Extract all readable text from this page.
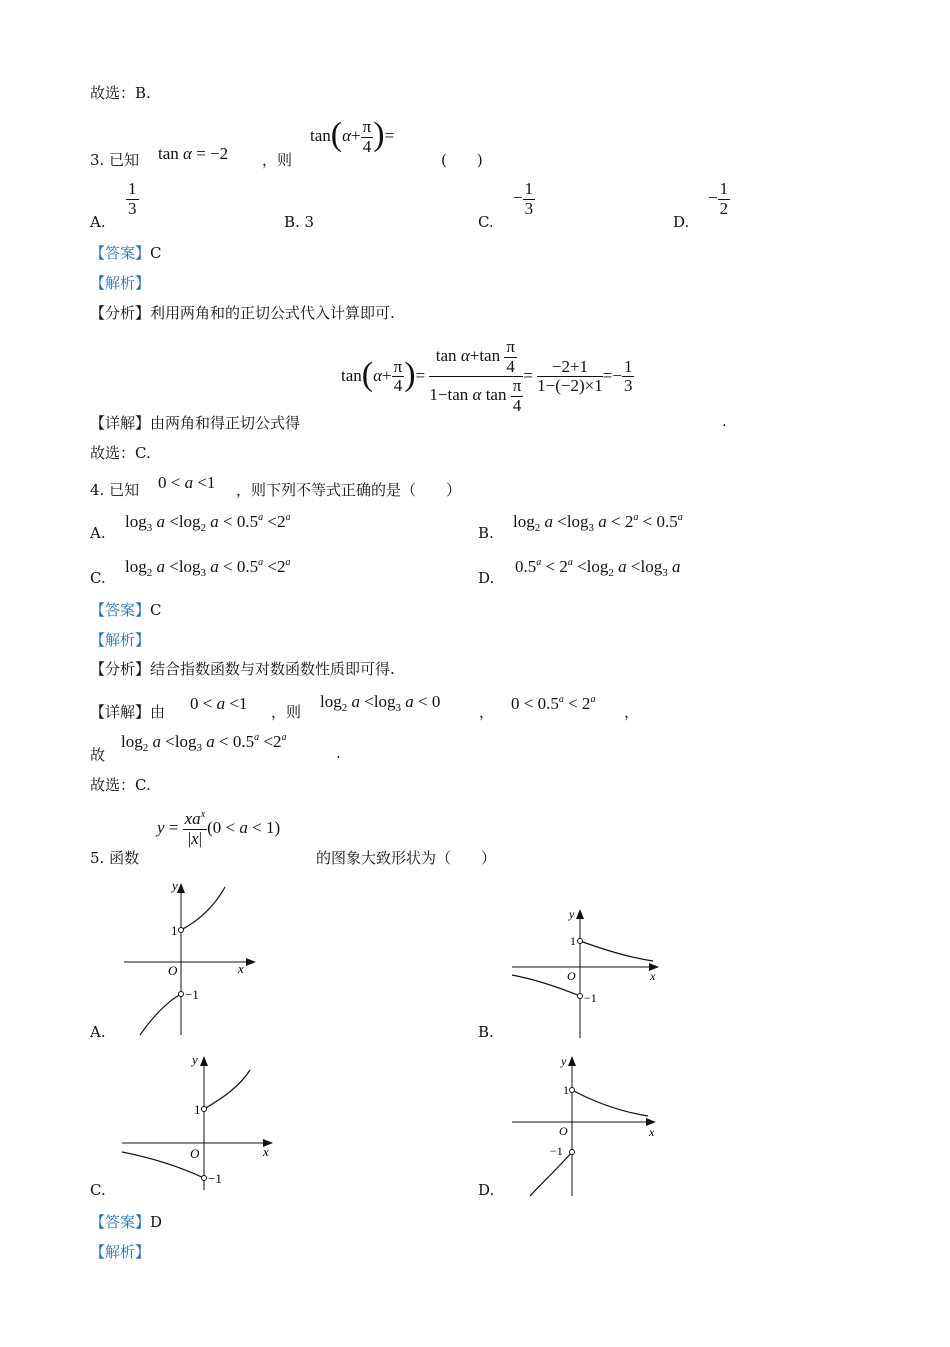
故选：B.
3. 已知 tan α = −2 ，则
$\tan(\alpha+ \frac{\pi}{4}$ )=
(　　)
A.
$\frac{1}{3}$
B. 3	C.
− $\frac{1}{3}$
D.
− $\frac{1}{2}$
【答案】C
【解析】
【分析】利用两角和的正切公式代入计算即可.
$\tan(\alpha+ \frac{\pi}{4}$ )= $\frac{\tan \alpha+\tan \frac{\pi}{4}}{1-\tan \alpha \tan \frac{\pi}{4}} = \frac{-2+1}{1-(-2)\times 1} =- \frac{1}{3}$
【详解】由两角和得正切公式得	.
故选：C.
4. 已知 0 < a <1 ，则下列不等式正确的是（　　）
A.
$\log_3 a <\log_2$ $a < 0.5^a <2^a$
B.
$\log_2 a <\log_3$ $a < 2^a < 0.5^a$
C.
$\log_2 a <\log_3$ $a < 0.5^a <2^a$
D.
$0.5^a < 2^a <\log_2$ $a <\log_3$ a
【答案】C
【解析】
【分析】结合指数函数与对数函数性质即可得.
【详解】由 0 < a <1 ，则
$\log_2 a <\log_3$ a < 0
， $0 < 0.5^a < 2^a$
，
故
$\log_2 a <\log_3$ $a < 0.5^a <2^a$
.
故选：C.
5. 函数
$y = \frac{xa^x}{|x|} (0 < a < 1)$
的图象大致形状为（　　）
y
x
O
1
−1
A.
y
x
O
1
−1
B.
y
x
O
1
−1
C.
y
x
O
1
−1
D.
【答案】D
【解析】
